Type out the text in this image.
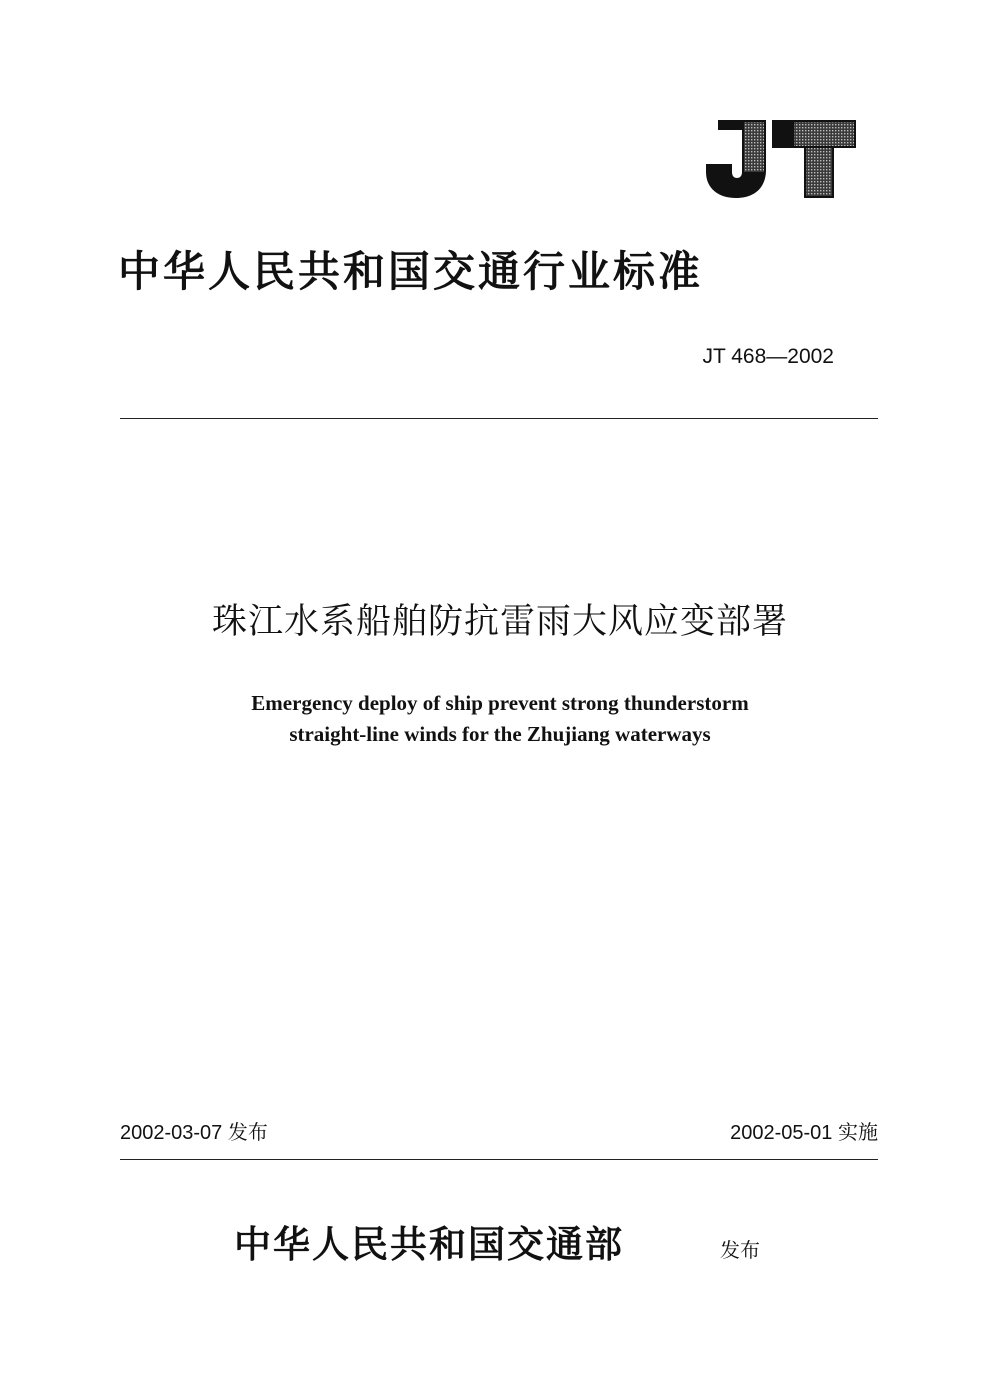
JT
中华人民共和国交通行业标准
JT 468—2002
珠江水系船舶防抗雷雨大风应变部署
Emergency deploy of ship prevent strong thunderstorm
straight-line winds for the Zhujiang waterways
2002-03-07 发布	2002-05-01 实施
中华人民共和国交通部	发布
